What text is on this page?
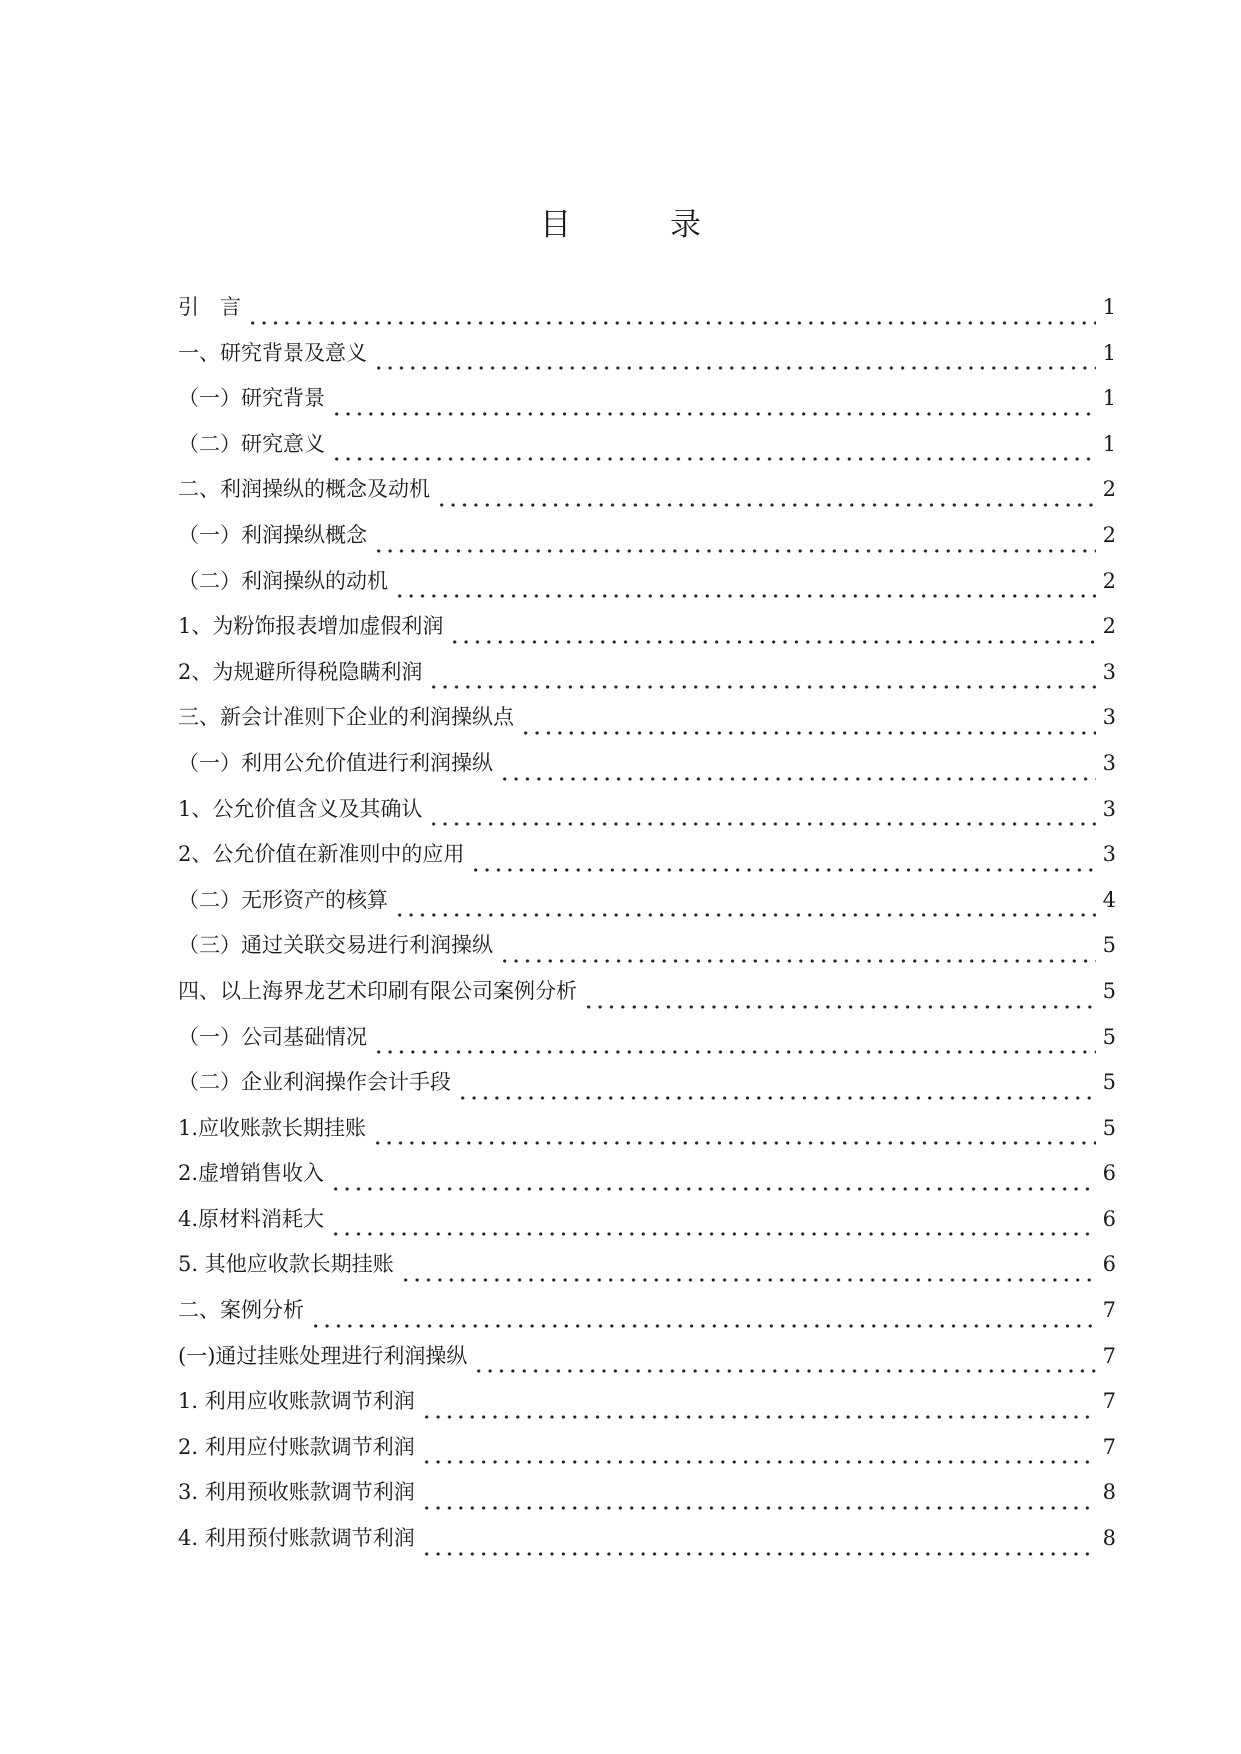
目　录
引　言	1
一、研究背景及意义	1
（一）研究背景	1
（二）研究意义	1
二、利润操纵的概念及动机	2
（一）利润操纵概念	2
（二）利润操纵的动机	2
1、为粉饰报表增加虚假利润	2
2、为规避所得税隐瞒利润	3
三、新会计准则下企业的利润操纵点	3
（一）利用公允价值进行利润操纵	3
1、公允价值含义及其确认	3
2、公允价值在新准则中的应用	3
（二）无形资产的核算	4
（三）通过关联交易进行利润操纵	5
四、以上海界龙艺术印刷有限公司案例分析	5
（一）公司基础情况	5
（二）企业利润操作会计手段	5
1.应收账款长期挂账	5
2.虚增销售收入	6
4.原材料消耗大	6
5. 其他应收款长期挂账	6
二、案例分析	7
(一)通过挂账处理进行利润操纵	7
1. 利用应收账款调节利润	7
2. 利用应付账款调节利润	7
3. 利用预收账款调节利润	8
4. 利用预付账款调节利润	8
